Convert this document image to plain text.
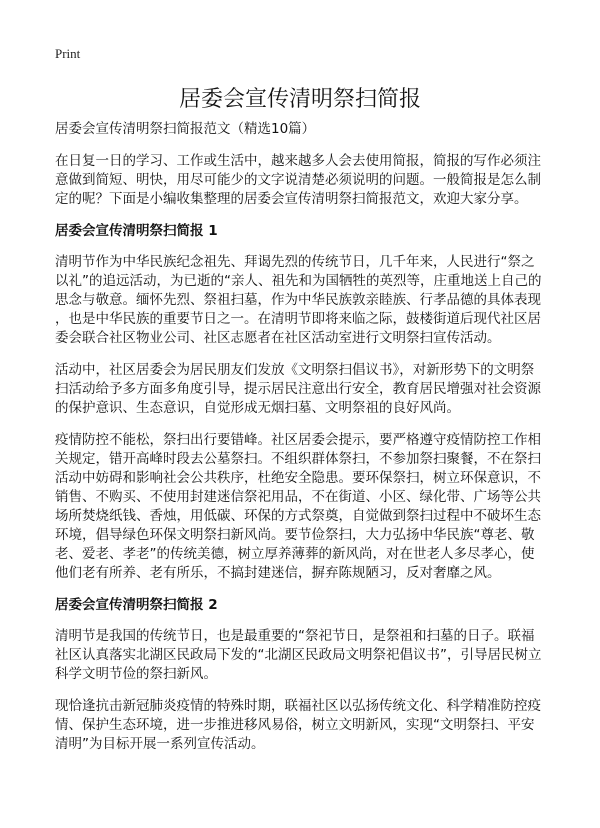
Print
居委会宣传清明祭扫简报

居委会宣传清明祭扫简报范文（精选10篇）

在日复一日的学习、工作或生活中，越来越多人会去使用简报，简报的写作必须注
意做到简短、明快，用尽可能少的文字说清楚必须说明的问题。一般简报是怎么制
定的呢？下面是小编收集整理的居委会宣传清明祭扫简报范文，欢迎大家分享。
居委会宣传清明祭扫简报 1
清明节作为中华民族纪念祖先、拜谒先烈的传统节日，几千年来，人民进行“祭之
以礼”的追远活动，为已逝的“亲人、祖先和为国牺牲的英烈等，庄重地送上自己的
思念与敬意。缅怀先烈、祭祖扫墓，作为中华民族敦亲睦族、行孝品德的具体表现
，也是中华民族的重要节日之一。在清明节即将来临之际，鼓楼街道后现代社区居
委会联合社区物业公司、社区志愿者在社区活动室进行文明祭扫宣传活动。
活动中，社区居委会为居民朋友们发放《文明祭扫倡议书》，对新形势下的文明祭
扫活动给予多方面多角度引导，提示居民注意出行安全，教育居民增强对社会资源
的保护意识、生态意识，自觉形成无烟扫墓、文明祭祖的良好风尚。
疫情防控不能松，祭扫出行要错峰。社区居委会提示，要严格遵守疫情防控工作相
关规定，错开高峰时段去公墓祭扫。不组织群体祭扫，不参加祭扫聚餐，不在祭扫
活动中妨碍和影响社会公共秩序，杜绝安全隐患。要环保祭扫，树立环保意识，不
销售、不购买、不使用封建迷信祭祀用品，不在街道、小区、绿化带、广场等公共
场所焚烧纸钱、香烛，用低碳、环保的方式祭奠，自觉做到祭扫过程中不破坏生态
环境，倡导绿色环保文明祭扫新风尚。要节俭祭扫，大力弘扬中华民族“尊老、敬
老、爱老、孝老”的传统美德，树立厚养薄葬的新风尚，对在世老人多尽孝心，使
他们老有所养、老有所乐，不搞封建迷信，摒弃陈规陋习，反对奢靡之风。
居委会宣传清明祭扫简报 2
清明节是我国的传统节日，也是最重要的“祭祀节日，是祭祖和扫墓的日子。联福
社区认真落实北湖区民政局下发的“北湖区民政局文明祭祀倡议书”，引导居民树立
科学文明节俭的祭扫新风。
现恰逢抗击新冠肺炎疫情的特殊时期，联福社区以弘扬传统文化、科学精准防控疫
情、保护生态环境，进一步推进移风易俗，树立文明新风，实现“文明祭扫、平安
清明”为目标开展一系列宣传活动。
